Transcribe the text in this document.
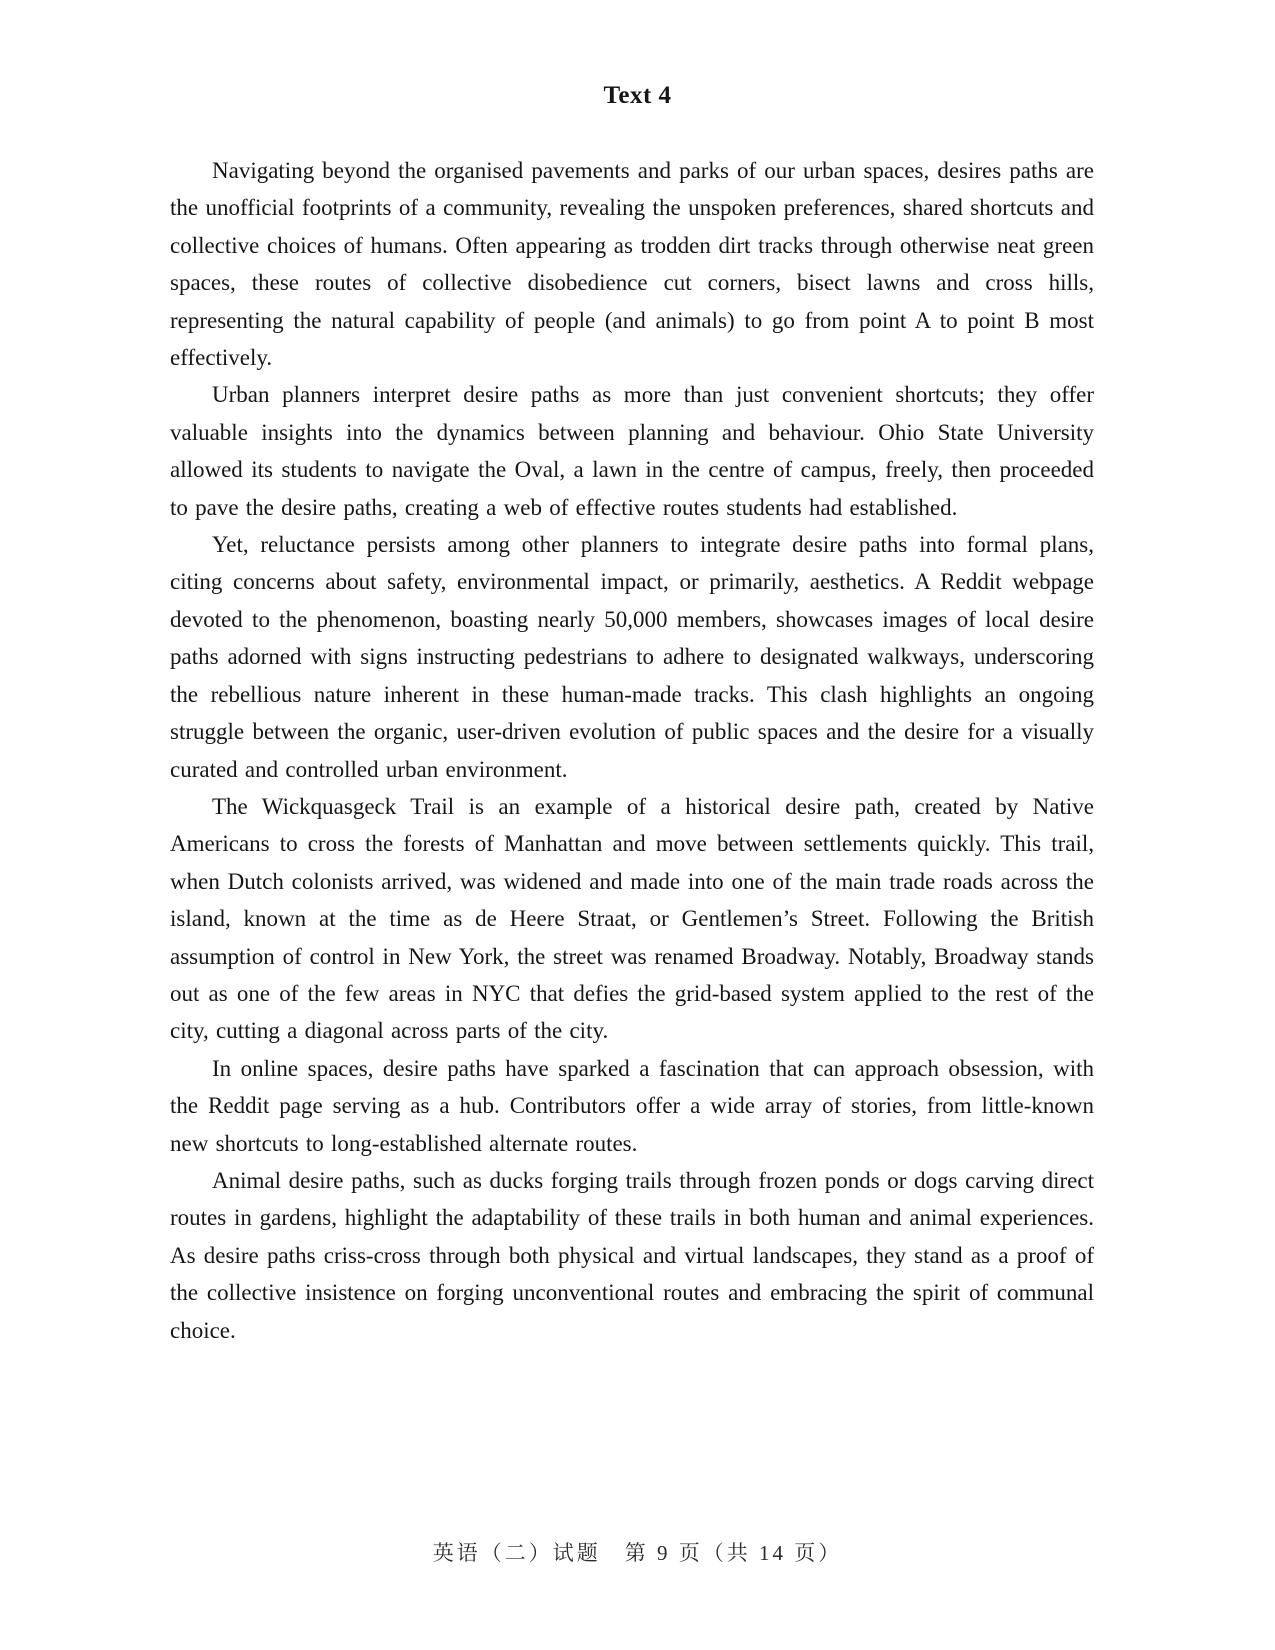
Text 4

Navigating beyond the organised pavements and parks of our urban spaces, desires paths are the unofficial footprints of a community, revealing the unspoken preferences, shared shortcuts and collective choices of humans. Often appearing as trodden dirt tracks through otherwise neat green spaces, these routes of collective disobedience cut corners, bisect lawns and cross hills, representing the natural capability of people (and animals) to go from point A to point B most effectively.

Urban planners interpret desire paths as more than just convenient shortcuts; they offer valuable insights into the dynamics between planning and behaviour. Ohio State University allowed its students to navigate the Oval, a lawn in the centre of campus, freely, then proceeded to pave the desire paths, creating a web of effective routes students had established.

Yet, reluctance persists among other planners to integrate desire paths into formal plans, citing concerns about safety, environmental impact, or primarily, aesthetics. A Reddit webpage devoted to the phenomenon, boasting nearly 50,000 members, showcases images of local desire paths adorned with signs instructing pedestrians to adhere to designated walkways, underscoring the rebellious nature inherent in these human-made tracks. This clash highlights an ongoing struggle between the organic, user-driven evolution of public spaces and the desire for a visually curated and controlled urban environment.

The Wickquasgeck Trail is an example of a historical desire path, created by Native Americans to cross the forests of Manhattan and move between settlements quickly. This trail, when Dutch colonists arrived, was widened and made into one of the main trade roads across the island, known at the time as de Heere Straat, or Gentlemen’s Street. Following the British assumption of control in New York, the street was renamed Broadway. Notably, Broadway stands out as one of the few areas in NYC that defies the grid-based system applied to the rest of the city, cutting a diagonal across parts of the city.

In online spaces, desire paths have sparked a fascination that can approach obsession, with the Reddit page serving as a hub. Contributors offer a wide array of stories, from little-known new shortcuts to long-established alternate routes.

Animal desire paths, such as ducks forging trails through frozen ponds or dogs carving direct routes in gardens, highlight the adaptability of these trails in both human and animal experiences. As desire paths criss-cross through both physical and virtual landscapes, they stand as a proof of the collective insistence on forging unconventional routes and embracing the spirit of communal choice.

英语（二）试题　第 9 页（共 14 页）
